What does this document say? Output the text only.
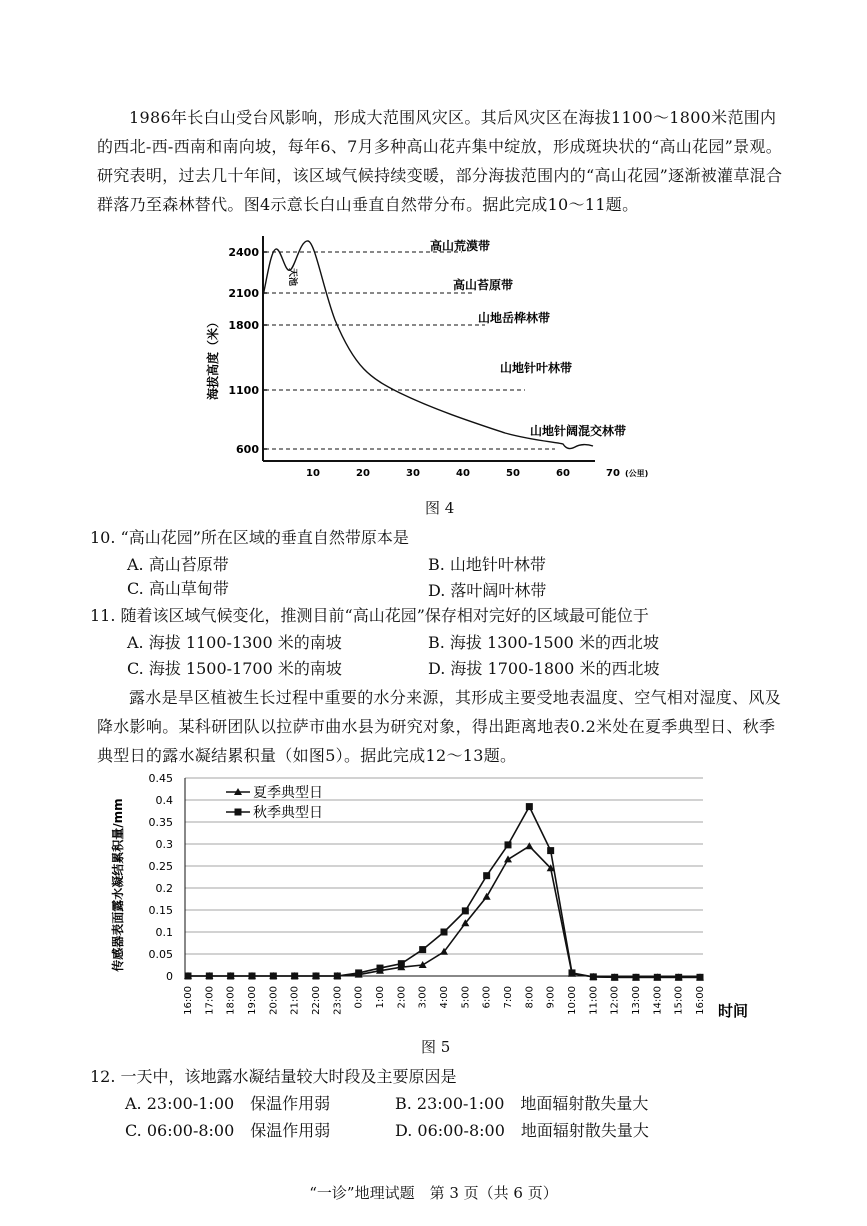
1986年长白山受台风影响，形成大范围风灾区。其后风灾区在海拔1100～1800米范围内的西北-西-西南和南向坡，每年6、7月多种高山花卉集中绽放，形成斑块状的“高山花园”景观。研究表明，过去几十年间，该区域气候持续变暖，部分海拔范围内的“高山花园”逐渐被灌草混合群落乃至森林替代。图4示意长白山垂直自然带分布。据此完成10～11题。

2400
2100
1800
1100
600
10	20	30	40	50	60	70 (公里)
海拔高度（米）
天池
高山荒漠带
高山苔原带
山地岳桦林带
山地针叶林带
山地针阔混交林带
图 4
10. “高山花园”所在区域的垂直自然带原本是
A. 高山苔原带	B. 山地针叶林带
C. 高山草甸带	D. 落叶阔叶林带
11. 随着该区域气候变化，推测目前“高山花园”保存相对完好的区域最可能位于
A. 海拔 1100-1300 米的南坡	B. 海拔 1300-1500 米的西北坡
C. 海拔 1500-1700 米的南坡	D. 海拔 1700-1800 米的西北坡

露水是旱区植被生长过程中重要的水分来源，其形成主要受地表温度、空气相对湿度、风及降水影响。某科研团队以拉萨市曲水县为研究对象，得出距离地表0.2米处在夏季典型日、秋季典型日的露水凝结累积量（如图5）。据此完成12～13题。

0
0.05
0.1
0.15
0.2
0.25
0.3
0.35
0.4
0.45
16:00 17:00 18:00 19:00 20:00 21:00 22:00 23:00 0:00 1:00 2:00 3:00 4:00 5:00 6:00 7:00 8:00 9:00 10:00 11:00 12:00 13:00 14:00 15:00 16:00
传感器表面露水凝结累积量/mm
时间
夏季典型日
秋季典型日
图 5
12. 一天中，该地露水凝结量较大时段及主要原因是
A. 23:00-1:00　保温作用弱	B. 23:00-1:00　地面辐射散失量大
C. 06:00-8:00　保温作用弱	D. 06:00-8:00　地面辐射散失量大
“一诊”地理试题　第 3 页（共 6 页）
